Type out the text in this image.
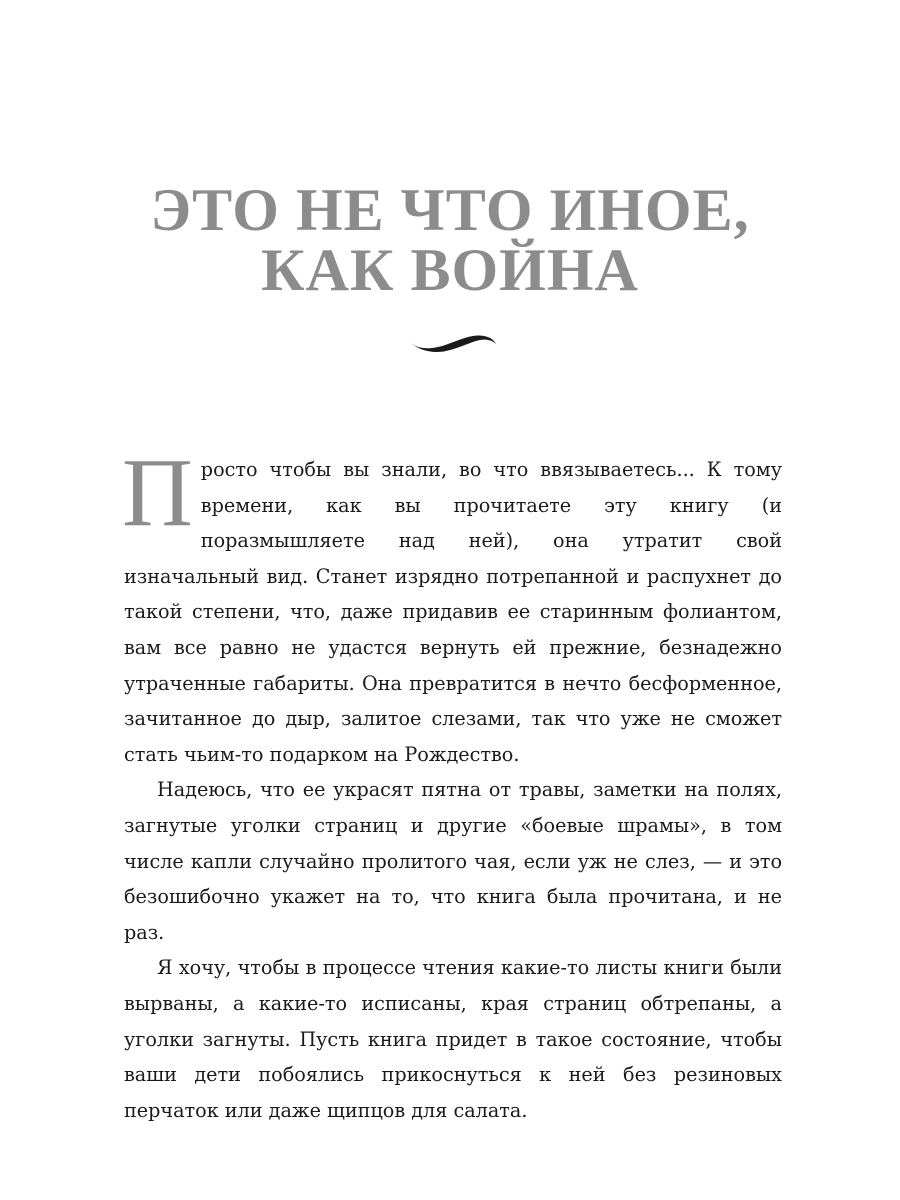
ЭТО НЕ ЧТО ИНОЕ,
КАК ВОЙНА

Просто чтобы вы знали, во что ввязываетесь... К тому времени, как вы прочитаете эту книгу (и поразмышляете над ней), она утратит свой изначальный вид. Станет изрядно потрепанной и распухнет до такой степени, что, даже придавив ее старинным фолиантом, вам все равно не удастся вернуть ей прежние, безнадежно утраченные габариты. Она превратится в нечто бесформенное, зачитанное до дыр, залитое слезами, так что уже не сможет стать чьим-то подарком на Рождество.

Надеюсь, что ее украсят пятна от травы, заметки на полях, загнутые уголки страниц и другие «боевые шрамы», в том числе капли случайно пролитого чая, если уж не слез, — и это безошибочно укажет на то, что книга была прочитана, и не раз.

Я хочу, чтобы в процессе чтения какие-то листы книги были вырваны, а какие-то исписаны, края страниц обтрепаны, а уголки загнуты. Пусть книга придет в такое состояние, чтобы ваши дети побоялись прикоснуться к ней без резиновых перчаток или даже щипцов для салата.
